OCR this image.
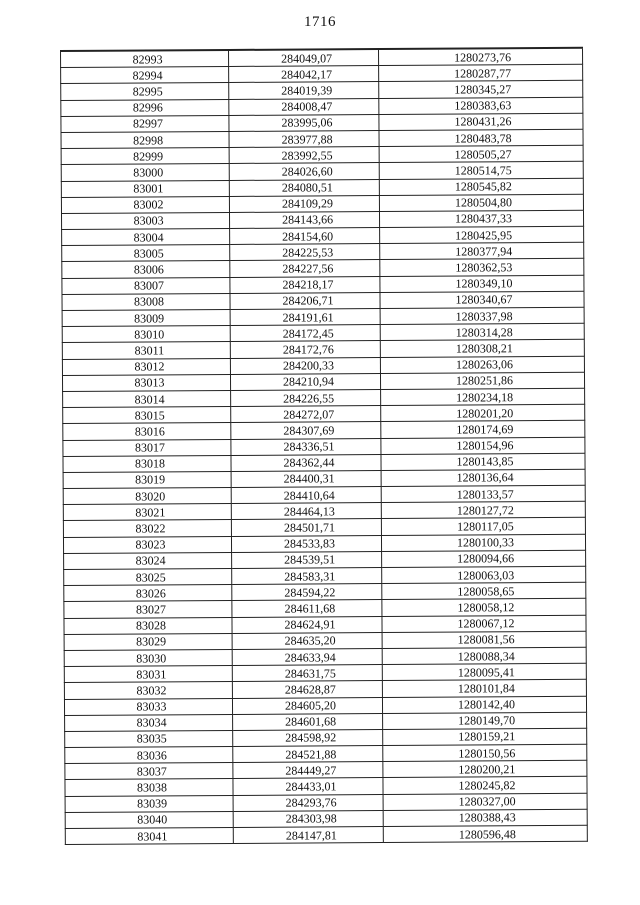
1716
82993	284049,07	1280273,76
82994	284042,17	1280287,77
82995	284019,39	1280345,27
82996	284008,47	1280383,63
82997	283995,06	1280431,26
82998	283977,88	1280483,78
82999	283992,55	1280505,27
83000	284026,60	1280514,75
83001	284080,51	1280545,82
83002	284109,29	1280504,80
83003	284143,66	1280437,33
83004	284154,60	1280425,95
83005	284225,53	1280377,94
83006	284227,56	1280362,53
83007	284218,17	1280349,10
83008	284206,71	1280340,67
83009	284191,61	1280337,98
83010	284172,45	1280314,28
83011	284172,76	1280308,21
83012	284200,33	1280263,06
83013	284210,94	1280251,86
83014	284226,55	1280234,18
83015	284272,07	1280201,20
83016	284307,69	1280174,69
83017	284336,51	1280154,96
83018	284362,44	1280143,85
83019	284400,31	1280136,64
83020	284410,64	1280133,57
83021	284464,13	1280127,72
83022	284501,71	1280117,05
83023	284533,83	1280100,33
83024	284539,51	1280094,66
83025	284583,31	1280063,03
83026	284594,22	1280058,65
83027	284611,68	1280058,12
83028	284624,91	1280067,12
83029	284635,20	1280081,56
83030	284633,94	1280088,34
83031	284631,75	1280095,41
83032	284628,87	1280101,84
83033	284605,20	1280142,40
83034	284601,68	1280149,70
83035	284598,92	1280159,21
83036	284521,88	1280150,56
83037	284449,27	1280200,21
83038	284433,01	1280245,82
83039	284293,76	1280327,00
83040	284303,98	1280388,43
83041	284147,81	1280596,48
